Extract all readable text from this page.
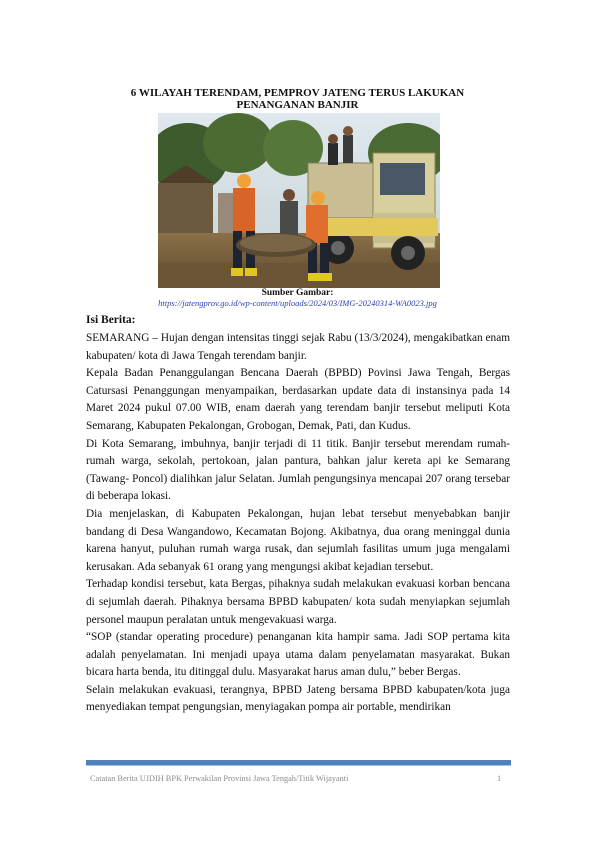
6 WILAYAH TERENDAM, PEMPROV JATENG TERUS LAKUKAN PENANGANAN BANJIR
Sumber Gambar:
https://jatengprov.go.id/wp-content/uploads/2024/03/IMG-20240314-WA0023.jpg
Isi Berita:

SEMARANG – Hujan dengan intensitas tinggi sejak Rabu (13/3/2024), mengakibatkan enam kabupaten/ kota di Jawa Tengah terendam banjir.

Kepala Badan Penanggulangan Bencana Daerah (BPBD) Povinsi Jawa Tengah, Bergas Catursasi Penanggungan menyampaikan, berdasarkan update data di instansinya pada 14 Maret 2024 pukul 07.00 WIB, enam daerah yang terendam banjir tersebut meliputi Kota Semarang, Kabupaten Pekalongan, Grobogan, Demak, Pati, dan Kudus.

Di Kota Semarang, imbuhnya, banjir terjadi di 11 titik. Banjir tersebut merendam rumah-rumah warga, sekolah, pertokoan, jalan pantura, bahkan jalur kereta api ke Semarang (Tawang- Poncol) dialihkan jalur Selatan. Jumlah pengungsinya mencapai 207 orang tersebar di beberapa lokasi.

Dia menjelaskan, di Kabupaten Pekalongan, hujan lebat tersebut menyebabkan banjir bandang di Desa Wangandowo, Kecamatan Bojong. Akibatnya, dua orang meninggal dunia karena hanyut, puluhan rumah warga rusak, dan sejumlah fasilitas umum juga mengalami kerusakan. Ada sebanyak 61 orang yang mengungsi akibat kejadian tersebut.

Terhadap kondisi tersebut, kata Bergas, pihaknya sudah melakukan evakuasi korban bencana di sejumlah daerah. Pihaknya bersama BPBD kabupaten/ kota sudah menyiapkan sejumlah personel maupun peralatan untuk mengevakuasi warga.

“SOP (standar operating procedure) penanganan kita hampir sama. Jadi SOP pertama kita adalah penyelamatan. Ini menjadi upaya utama dalam penyelamatan masyarakat. Bukan bicara harta benda, itu ditinggal dulu. Masyarakat harus aman dulu,” beber Bergas.

Selain melakukan evakuasi, terangnya, BPBD Jateng bersama BPBD kabupaten/kota juga menyediakan tempat pengungsian, menyiagakan pompa air portable, mendirikan

Catatan Berita UJDIH BPK Perwakilan Provinsi Jawa Tengah/Titik Wijayanti	1
